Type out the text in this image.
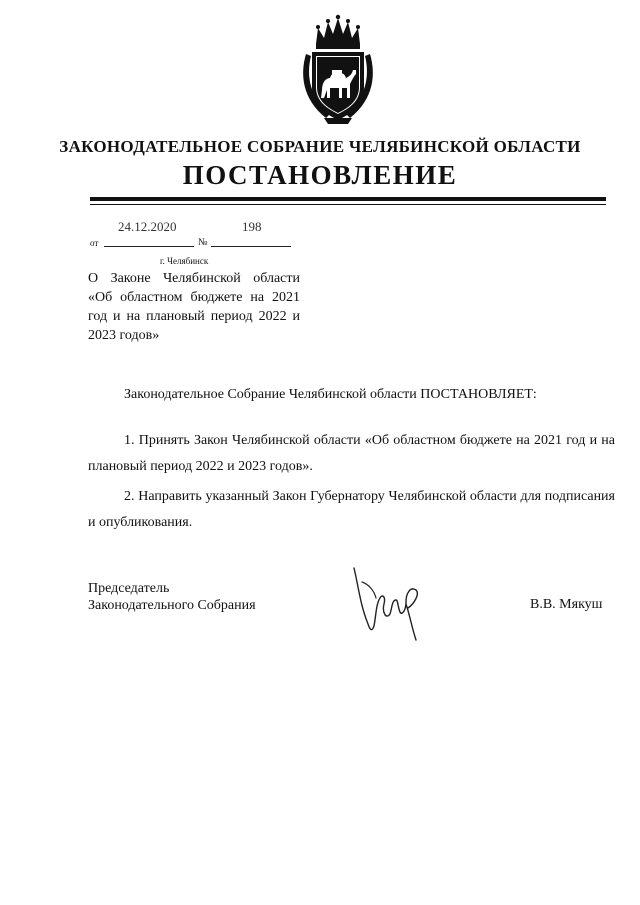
ЗАКОНОДАТЕЛЬНОЕ СОБРАНИЕ ЧЕЛЯБИНСКОЙ ОБЛАСТИ
ПОСТАНОВЛЕНИЕ
24.12.2020	198
от	№
г. Челябинск
О Законе Челябинской области «Об областном бюджете на 2021 год и на плановый период 2022 и 2023 годов»
Законодательное Собрание Челябинской области ПОСТАНОВЛЯЕТ:
1. Принять Закон Челябинской области «Об областном бюджете на 2021 год и на плановый период 2022 и 2023 годов».
2. Направить указанный Закон Губернатору Челябинской области для подписания и опубликования.
Председатель
Законодательного Собрания	В.В. Мякуш
